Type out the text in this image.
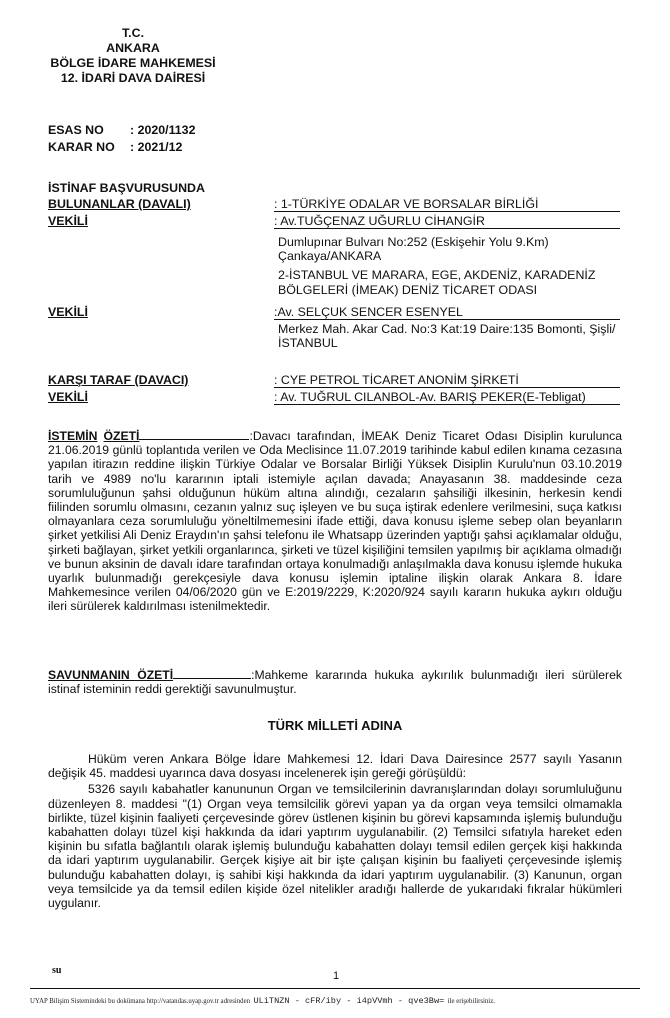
T.C.
ANKARA
BÖLGE İDARE MAHKEMESİ
12. İDARİ DAVA DAİRESİ
ESAS NO : 2020/1132
KARAR NO : 2021/12
İSTİNAF BAŞVURUSUNDA
BULUNANLAR (DAVALI)	: 1-TÜRKİYE ODALAR VE BORSALAR BİRLİĞİ
VEKİLİ	: Av.TUĞÇENAZ UĞURLU CİHANGİR
Dumlupınar Bulvarı No:252 (Eskişehir Yolu 9.Km) Çankaya/ANKARA
2-İSTANBUL VE MARARA, EGE, AKDENİZ, KARADENİZ BÖLGELERİ (İMEAK) DENİZ TİCARET ODASI
VEKİLİ	:Av. SELÇUK SENCER ESENYEL
Merkez Mah. Akar Cad. No:3 Kat:19 Daire:135 Bomonti, Şişli/İSTANBUL
KARŞI TARAF (DAVACI)	: CYE PETROL TİCARET ANONİM ŞİRKETİ
VEKİLİ	: Av. TUĞRUL CILANBOL-Av. BARIŞ PEKER(E-Tebligat)

İSTEMİN ÖZETİ	:Davacı tarafından, İMEAK Deniz Ticaret Odası Disiplin kurulunca 21.06.2019 günlü toplantıda verilen ve Oda Meclisince 11.07.2019 tarihinde kabul edilen kınama cezasına yapılan itirazın reddine ilişkin Türkiye Odalar ve Borsalar Birliği Yüksek Disiplin Kurulu'nun 03.10.2019 tarih ve 4989 no'lu kararının iptali istemiyle açılan davada; Anayasanın 38. maddesinde ceza sorumluluğunun şahsi olduğunun hüküm altına alındığı, cezaların şahsiliği ilkesinin, herkesin kendi fiilinden sorumlu olmasını, cezanın yalnız suç işleyen ve bu suça iştirak edenlere verilmesini, suça katkısı olmayanlara ceza sorumluluğu yöneltilmemesini ifade ettiği, dava konusu işleme sebep olan beyanların şirket yetkilisi Ali Deniz Eraydın'ın şahsi telefonu ile Whatsapp üzerinden yaptığı şahsi açıklamalar olduğu, şirketi bağlayan, şirket yetkili organlarınca, şirketi ve tüzel kişiliğini temsilen yapılmış bir açıklama olmadığı ve bunun aksinin de davalı idare tarafından ortaya konulmadığı anlaşılmakla dava konusu işlemde hukuka uyarlık bulunmadığı gerekçesiyle dava konusu işlemin iptaline ilişkin olarak Ankara 8. İdare Mahkemesince verilen 04/06/2020 gün ve E:2019/2229, K:2020/924 sayılı kararın hukuka aykırı olduğu ileri sürülerek kaldırılması istenilmektedir.

SAVUNMANIN ÖZETİ	:Mahkeme kararında hukuka aykırılık bulunmadığı ileri sürülerek istinaf isteminin reddi gerektiği savunulmuştur.

TÜRK MİLLETİ ADINA

Hüküm veren Ankara Bölge İdare Mahkemesi 12. İdari Dava Dairesince 2577 sayılı Yasanın değişik 45. maddesi uyarınca dava dosyası incelenerek işin gereği görüşüldü:

5326 sayılı kabahatler kanununun Organ ve temsilcilerinin davranışlarından dolayı sorumluluğunu düzenleyen 8. maddesi "(1) Organ veya temsilcilik görevi yapan ya da organ veya temsilci olmamakla birlikte, tüzel kişinin faaliyeti çerçevesinde görev üstlenen kişinin bu görevi kapsamında işlemiş bulunduğu kabahatten dolayı tüzel kişi hakkında da idari yaptırım uygulanabilir. (2) Temsilci sıfatıyla hareket eden kişinin bu sıfatla bağlantılı olarak işlemiş bulunduğu kabahatten dolayı temsil edilen gerçek kişi hakkında da idari yaptırım uygulanabilir. Gerçek kişiye ait bir işte çalışan kişinin bu faaliyeti çerçevesinde işlemiş bulunduğu kabahatten dolayı, iş sahibi kişi hakkında da idari yaptırım uygulanabilir. (3) Kanunun, organ veya temsilcide ya da temsil edilen kişide özel nitelikler aradığı hallerde de yukarıdaki fıkralar hükümleri uygulanır.

su	1
UYAP Bilişim Sistemindeki bu dokümana http://vatandas.uyap.gov.tr adresinden ULiTNZN - cFR/iby - i4pVVmh - qve3Bw= ile erişebilirsiniz.
